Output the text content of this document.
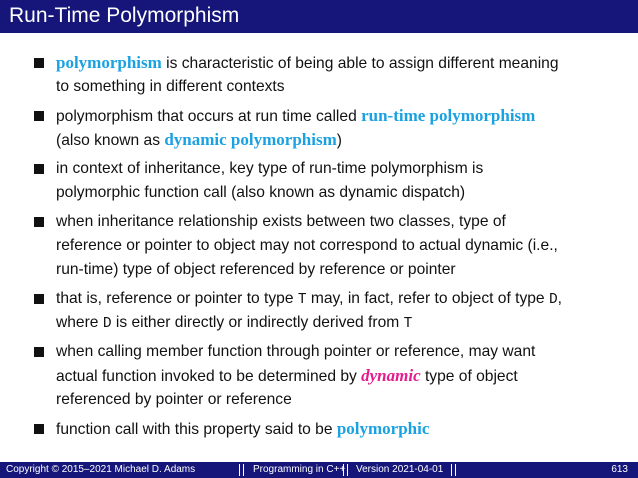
Run-Time Polymorphism
polymorphism is characteristic of being able to assign different meaning
to something in different contexts
polymorphism that occurs at run time called run-time polymorphism
(also known as dynamic polymorphism)
in context of inheritance, key type of run-time polymorphism is
polymorphic function call (also known as dynamic dispatch)
when inheritance relationship exists between two classes, type of
reference or pointer to object may not correspond to actual dynamic (i.e.,
run-time) type of object referenced by reference or pointer
that is, reference or pointer to type T may, in fact, refer to object of type D,
where D is either directly or indirectly derived from T
when calling member function through pointer or reference, may want
actual function invoked to be determined by dynamic type of object
referenced by pointer or reference
function call with this property said to be polymorphic
Copyright © 2015–2021 Michael D. Adams	Programming in C++ Version 2021-04-01	613
